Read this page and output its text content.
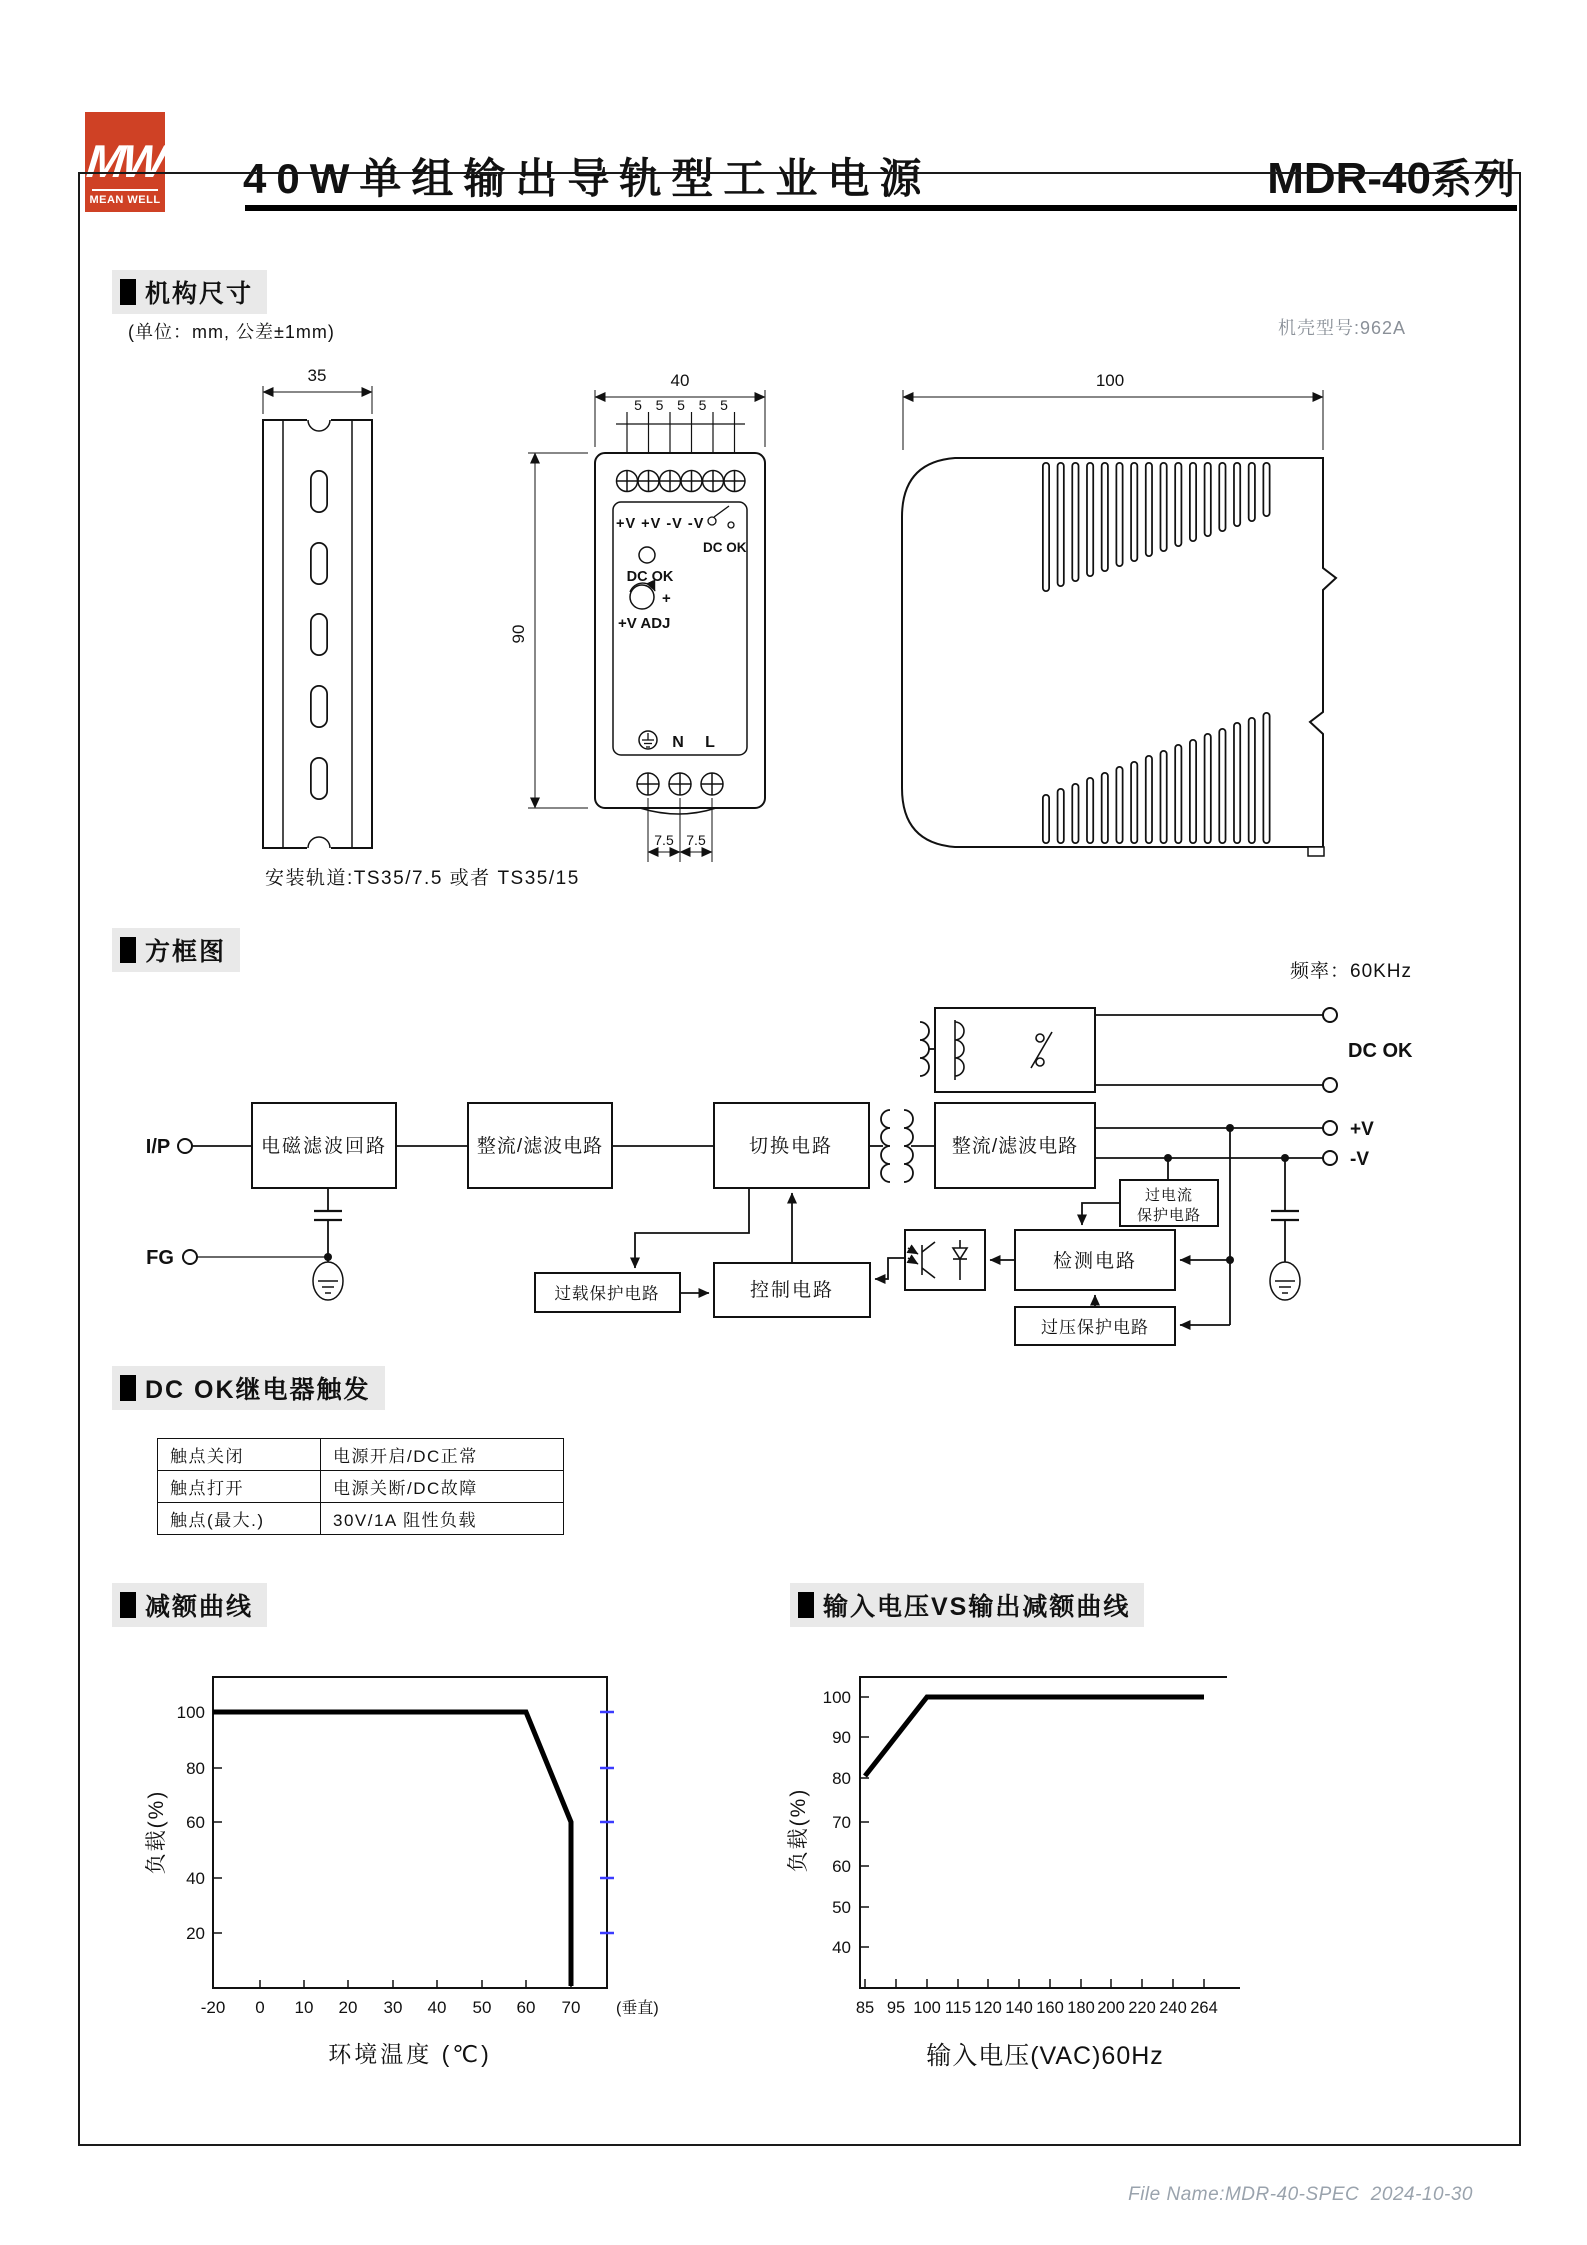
MW
MEAN WELL 40W单组输出导轨型工业电源	MDR-40系列
机构尺寸
(单位：mm, 公差±1mm)	机壳型号:962A
方框图
频率：60KHz
DC OK继电器触发
减额曲线	输入电压VS输出减额曲线
35
安装轨道:TS35/7.5 或者 TS35/15
40
5 5 5 5 5
+V +V -V -V
DC OK
DC OK
+
+V ADJ
N L
7.5 7.5
90
100
I/P
FG
电磁滤波回路	整流/滤波电路	切换电路	整流/滤波电路
过电流
保护电路
检测电路
过压保护电路
过载保护电路	控制电路
DC OK
+V
-V
触点关闭	电源开启/DC正常
触点打开	电源关断/DC故障
触点(最大.)	30V/1A 阻性负载
20
40
60
80
100
-20 0 10 20 30 40 50 60 70 (垂直)
负载(%)
环境温度 (℃)
40
50
60
70
80
90
100
85 95 100 115 120 140 160 180 200 220 240 264
负载(%)
输入电压(VAC)60Hz
File Name:MDR-40-SPEC  2024-10-30
